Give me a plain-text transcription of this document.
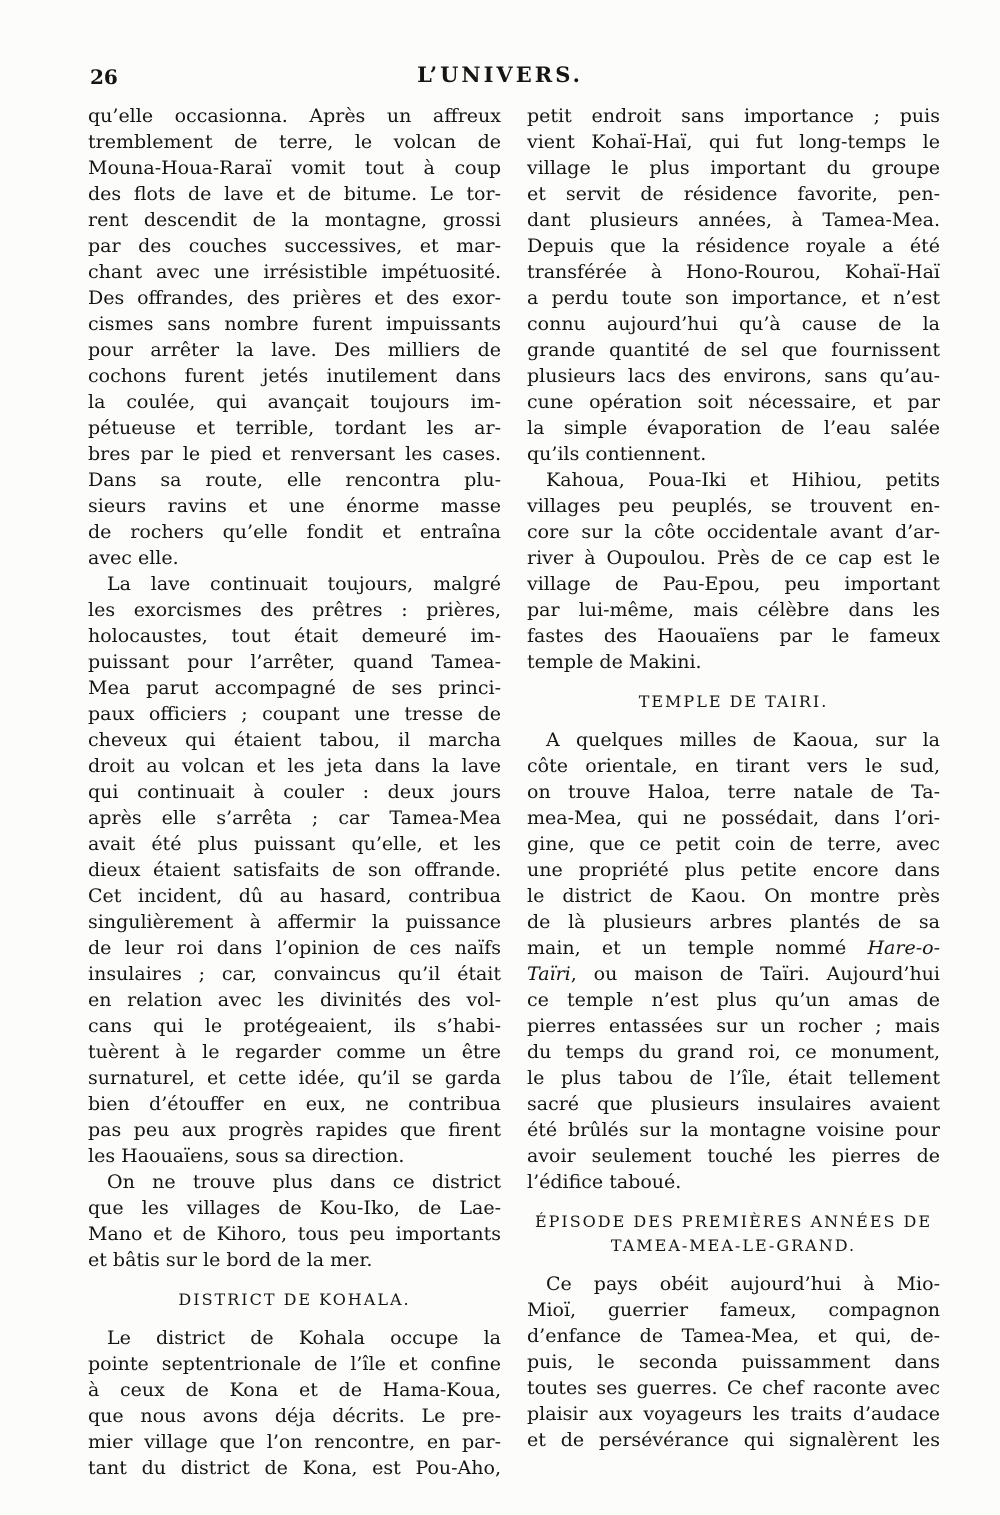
26	L’UNIVERS.
qu’elle occasionna. Après un affreux
tremblement de terre, le volcan de
Mouna-Houa-Raraï vomit tout à coup
des flots de lave et de bitume. Le tor-
rent descendit de la montagne, grossi
par des couches successives, et mar-
chant avec une irrésistible impétuosité.
Des offrandes, des prières et des exor-
cismes sans nombre furent impuissants
pour arrêter la lave. Des milliers de
cochons furent jetés inutilement dans
la coulée, qui avançait toujours im-
pétueuse et terrible, tordant les ar-
bres par le pied et renversant les cases.
Dans sa route, elle rencontra plu-
sieurs ravins et une énorme masse
de rochers qu’elle fondit et entraîna
avec elle.
La lave continuait toujours, malgré
les exorcismes des prêtres : prières,
holocaustes, tout était demeuré im-
puissant pour l’arrêter, quand Tamea-
Mea parut accompagné de ses princi-
paux officiers ; coupant une tresse de
cheveux qui étaient tabou, il marcha
droit au volcan et les jeta dans la lave
qui continuait à couler : deux jours
après elle s’arrêta ; car Tamea-Mea
avait été plus puissant qu’elle, et les
dieux étaient satisfaits de son offrande.
Cet incident, dû au hasard, contribua
singulièrement à affermir la puissance
de leur roi dans l’opinion de ces naïfs
insulaires ; car, convaincus qu’il était
en relation avec les divinités des vol-
cans qui le protégeaient, ils s’habi-
tuèrent à le regarder comme un être
surnaturel, et cette idée, qu’il se garda
bien d’étouffer en eux, ne contribua
pas peu aux progrès rapides que firent
les Haouaïens, sous sa direction.
On ne trouve plus dans ce district
que les villages de Kou-Iko, de Lae-
Mano et de Kihoro, tous peu importants
et bâtis sur le bord de la mer.
DISTRICT DE KOHALA.
Le district de Kohala occupe la
pointe septentrionale de l’île et confine
à ceux de Kona et de Hama-Koua,
que nous avons déja décrits. Le pre-
mier village que l’on rencontre, en par-
tant du district de Kona, est Pou-Aho,
petit endroit sans importance ; puis
vient Kohaï-Haï, qui fut long-temps le
village le plus important du groupe
et servit de résidence favorite, pen-
dant plusieurs années, à Tamea-Mea.
Depuis que la résidence royale a été
transférée à Hono-Rourou, Kohaï-Haï
a perdu toute son importance, et n’est
connu aujourd’hui qu’à cause de la
grande quantité de sel que fournissent
plusieurs lacs des environs, sans qu’au-
cune opération soit nécessaire, et par
la simple évaporation de l’eau salée
qu’ils contiennent.
Kahoua, Poua-Iki et Hihiou, petits
villages peu peuplés, se trouvent en-
core sur la côte occidentale avant d’ar-
river à Oupoulou. Près de ce cap est le
village de Pau-Epou, peu important
par lui-même, mais célèbre dans les
fastes des Haouaïens par le fameux
temple de Makini.
TEMPLE DE TAIRI.
A quelques milles de Kaoua, sur la
côte orientale, en tirant vers le sud,
on trouve Haloa, terre natale de Ta-
mea-Mea, qui ne possédait, dans l’ori-
gine, que ce petit coin de terre, avec
une propriété plus petite encore dans
le district de Kaou. On montre près
de là plusieurs arbres plantés de sa
main, et un temple nommé Hare-o-
Taïri, ou maison de Taïri. Aujourd’hui
ce temple n’est plus qu’un amas de
pierres entassées sur un rocher ; mais
du temps du grand roi, ce monument,
le plus tabou de l’île, était tellement
sacré que plusieurs insulaires avaient
été brûlés sur la montagne voisine pour
avoir seulement touché les pierres de
l’édifice taboué.
ÉPISODE DES PREMIÈRES ANNÉES DE
TAMEA-MEA-LE-GRAND.
Ce pays obéit aujourd’hui à Mio-
Mioï, guerrier fameux, compagnon
d’enfance de Tamea-Mea, et qui, de-
puis, le seconda puissamment dans
toutes ses guerres. Ce chef raconte avec
plaisir aux voyageurs les traits d’audace
et de persévérance qui signalèrent les
